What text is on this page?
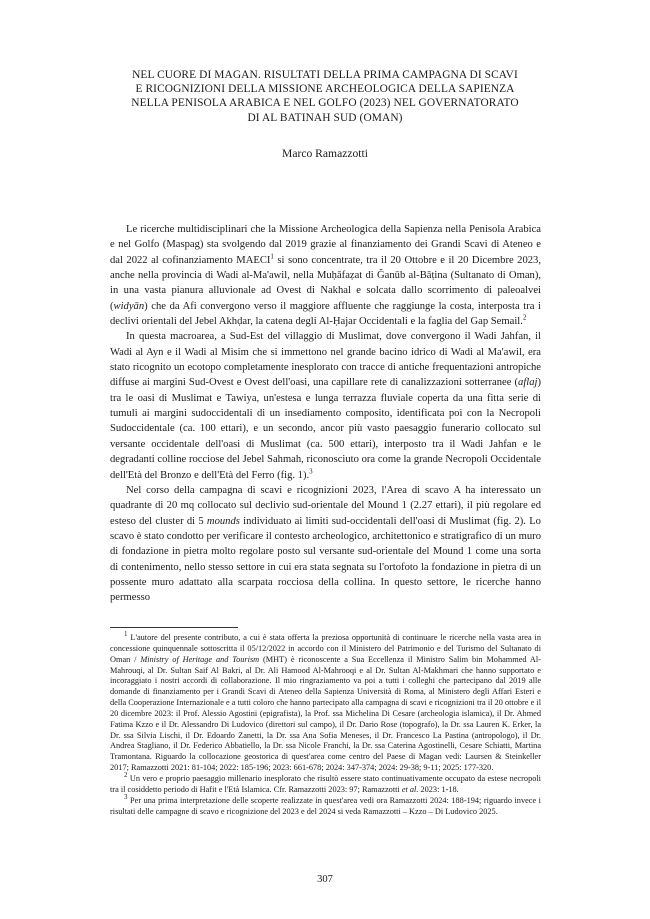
NEL CUORE DI MAGAN. RISULTATI DELLA PRIMA CAMPAGNA DI SCAVI
E RICOGNIZIONI DELLA MISSIONE ARCHEOLOGICA DELLA SAPIENZA
NELLA PENISOLA ARABICA E NEL GOLFO (2023) NEL GOVERNATORATO
DI AL BATINAH SUD (OMAN)
Marco Ramazzotti

Le ricerche multidisciplinari che la Missione Archeologica della Sapienza nella Penisola Arabica e nel Golfo (Maspag) sta svolgendo dal 2019 grazie al finanziamento dei Grandi Scavi di Ateneo e dal 2022 al cofinanziamento MAECI$^1$ si sono concentrate, tra il 20 Ottobre e il 20 Dicembre 2023, anche nella provincia di Wadi al-Ma'awil, nella Muḥāfaẓat di Ǧanūb al-Bāṭina (Sultanato di Oman), in una vasta pianura alluvionale ad Ovest di Nakhal e solcata dallo scorrimento di paleoalvei (widyān) che da Afi convergono verso il maggiore affluente che raggiunge la costa, interposta tra i declivi orientali del Jebel Akhḍar, la catena degli Al-Ḥajar Occidentali e la faglia del Gap Semail.$^2$

In questa macroarea, a Sud-Est del villaggio di Muslimat, dove convergono il Wadi Jahfan, il Wadi al Ayn e il Wadi al Misim che si immettono nel grande bacino idrico di Wadi al Ma'awil, era stato ricognito un ecotopo completamente inesplorato con tracce di antiche frequentazioni antropiche diffuse ai margini Sud-Ovest e Ovest dell'oasi, una capillare rete di canalizzazioni sotterranee (aflaj) tra le oasi di Muslimat e Tawiya, un'estesa e lunga terrazza fluviale coperta da una fitta serie di tumuli ai margini sudoccidentali di un insediamento composito, identificata poi con la Necropoli Sudoccidentale (ca. 100 ettari), e un secondo, ancor più vasto paesaggio funerario collocato sul versante occidentale dell'oasi di Muslimat (ca. 500 ettari), interposto tra il Wadi Jahfan e le degradanti colline rocciose del Jebel Sahmah, riconosciuto ora come la grande Necropoli Occidentale dell'Età del Bronzo e dell'Età del Ferro (fig. 1).$^3$

Nel corso della campagna di scavi e ricognizioni 2023, l'Area di scavo A ha interessato un quadrante di 20 mq collocato sul declivio sud-orientale del Mound 1 (2.27 ettari), il più regolare ed esteso del cluster di 5 mounds individuato ai limiti sud-occidentali dell'oasi di Muslimat (fig. 2). Lo scavo è stato condotto per verificare il contesto archeologico, architettonico e stratigrafico di un muro di fondazione in pietra molto regolare posto sul versante sud-orientale del Mound 1 come una sorta di contenimento, nello stesso settore in cui era stata segnata su l'ortofoto la fondazione in pietra di un possente muro adattato alla scarpata rocciosa della collina. In questo settore, le ricerche hanno permesso

$^1$ L'autore del presente contributo, a cui è stata offerta la preziosa opportunità di continuare le ricerche nella vasta area in concessione quinquennale sottoscritta il 05/12/2022 in accordo con il Ministero del Patrimonio e del Turismo del Sultanato di Oman / Ministry of Heritage and Tourism (MHT) è riconoscente a Sua Eccellenza il Ministro Salim bin Mohammed Al-Mahrouqi, al Dr. Sultan Saif Al Bakri, al Dr. Ali Hamood Al-Mahrooqi e al Dr. Sultan Al-Makhmari che hanno supportato e incoraggiato i nostri accordi di collaborazione. Il mio ringraziamento va poi a tutti i colleghi che partecipano dal 2019 alle domande di finanziamento per i Grandi Scavi di Ateneo della Sapienza Università di Roma, al Ministero degli Affari Esteri e della Cooperazione Internazionale e a tutti coloro che hanno partecipato alla campagna di scavi e ricognizioni tra il 20 ottobre e il 20 dicembre 2023: il Prof. Alessio Agostini (epigrafista), la Prof. ssa Michelina Di Cesare (archeologia islamica), il Dr. Ahmed Fatima Kzzo e il Dr. Alessandro Di Ludovico (direttori sul campo), il Dr. Dario Rose (topografo), la Dr. ssa Lauren K. Erker, la Dr. ssa Silvia Lischi, il Dr. Edoardo Zanetti, la Dr. ssa Ana Sofia Meneses, il Dr. Francesco La Pastina (antropologo), il Dr. Andrea Stagliano, il Dr. Federico Abbatiello, la Dr. ssa Nicole Franchi, la Dr. ssa Caterina Agostinelli, Cesare Schiatti, Martina Tramontana. Riguardo la collocazione geostorica di quest'area come centro del Paese di Magan vedi: Laursen & Steinkeller 2017; Ramazzotti 2021: 81-104; 2022: 185-196; 2023: 661-678; 2024: 347-374; 2024: 29-38; 9-11; 2025: 177-320.

$^2$ Un vero e proprio paesaggio millenario inesplorato che risultò essere stato continuativamente occupato da estese necropoli tra il cosiddetto periodo di Hafit e l'Età Islamica. Cfr. Ramazzotti 2023: 97; Ramazzotti et al. 2023: 1-18.

$^3$ Per una prima interpretazione delle scoperte realizzate in quest'area vedi ora Ramazzotti 2024: 188-194; riguardo invece i risultati delle campagne di scavo e ricognizione del 2023 e del 2024 si veda Ramazzotti – Kzzo – Di Ludovico 2025.

307
